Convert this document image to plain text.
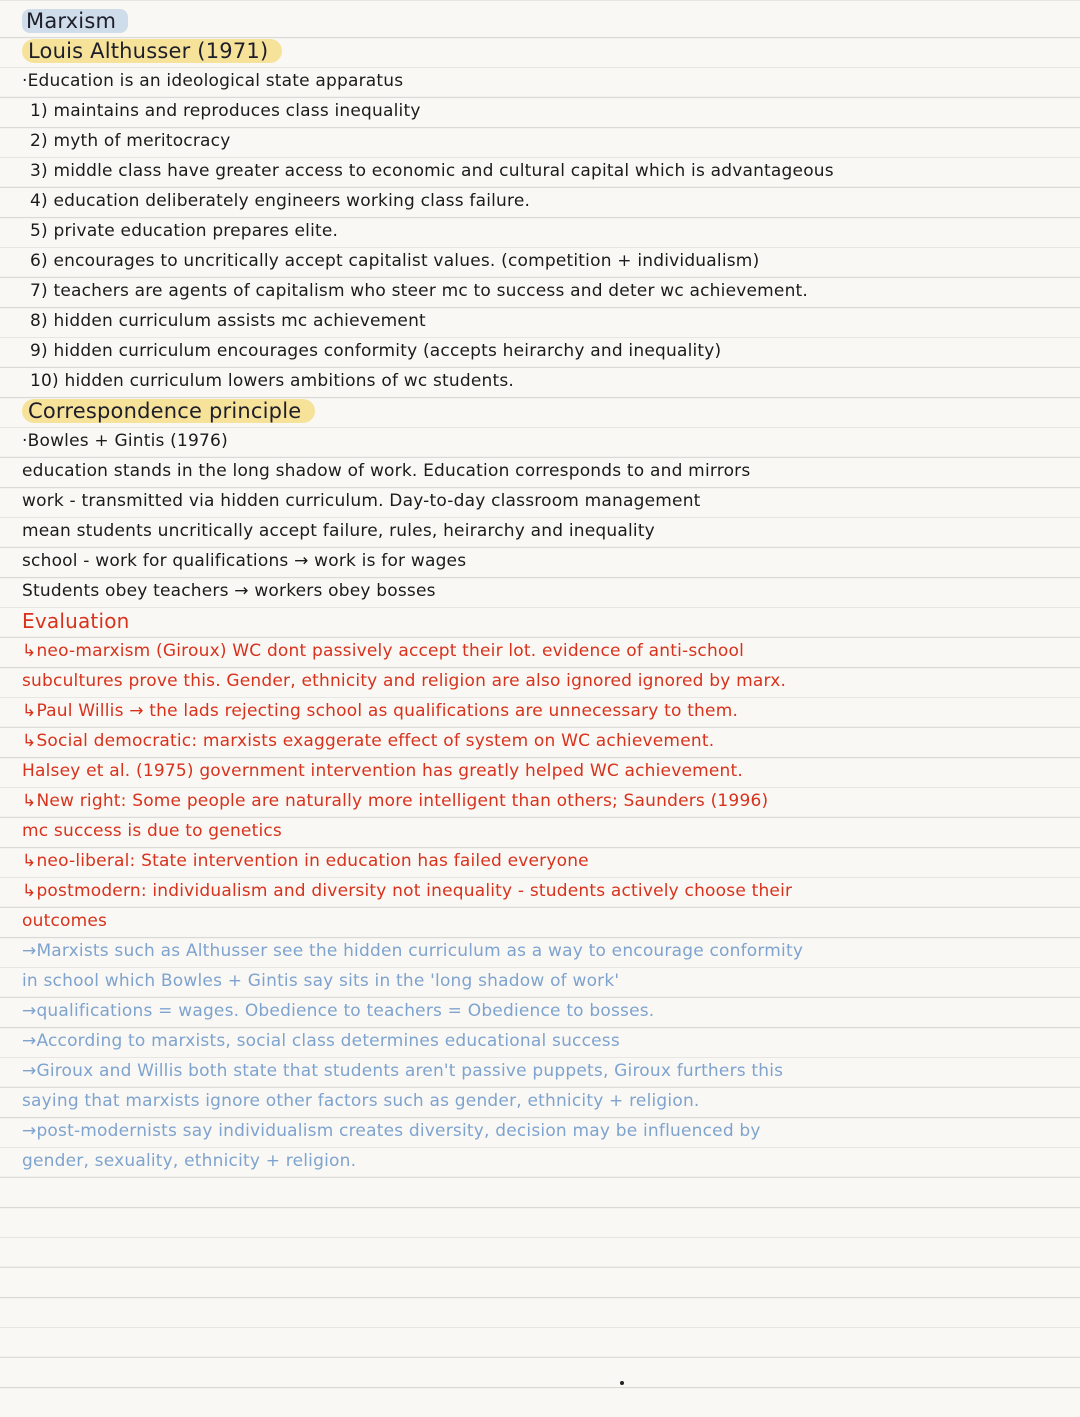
Marxism
Louis Althusser (1971)
·Education is an ideological state apparatus
1) maintains and reproduces class inequality
2) myth of meritocracy
3) middle class have greater access to economic and cultural capital which is advantageous
4) education deliberately engineers working class failure.
5) private education prepares elite.
6) encourages to uncritically accept capitalist values. (competition + individualism)
7) teachers are agents of capitalism who steer mc to success and deter wc achievement.
8) hidden curriculum assists mc achievement
9) hidden curriculum encourages conformity (accepts heirarchy and inequality)
10) hidden curriculum lowers ambitions of wc students.
Correspondence principle
·Bowles + Gintis (1976)
education stands in the long shadow of work. Education corresponds to and mirrors
work - transmitted via hidden curriculum. Day-to-day classroom management
mean students uncritically accept failure, rules, heirarchy and inequality
school - work for qualifications → work is for wages
Students obey teachers → workers obey bosses
Evaluation
↳neo-marxism (Giroux) WC dont passively accept their lot. evidence of anti-school
subcultures prove this. Gender, ethnicity and religion are also ignored ignored by marx.
↳Paul Willis → the lads rejecting school as qualifications are unnecessary to them.
↳Social democratic: marxists exaggerate effect of system on WC achievement.
Halsey et al. (1975) government intervention has greatly helped WC achievement.
↳New right: Some people are naturally more intelligent than others; Saunders (1996)
mc success is due to genetics
↳neo-liberal: State intervention in education has failed everyone
↳postmodern: individualism and diversity not inequality - students actively choose their
outcomes
→Marxists such as Althusser see the hidden curriculum as a way to encourage conformity
in school which Bowles + Gintis say sits in the 'long shadow of work'
→qualifications = wages. Obedience to teachers = Obedience to bosses.
→According to marxists, social class determines educational success
→Giroux and Willis both state that students aren't passive puppets, Giroux furthers this
saying that marxists ignore other factors such as gender, ethnicity + religion.
→post-modernists say individualism creates diversity, decision may be influenced by
gender, sexuality, ethnicity + religion.
